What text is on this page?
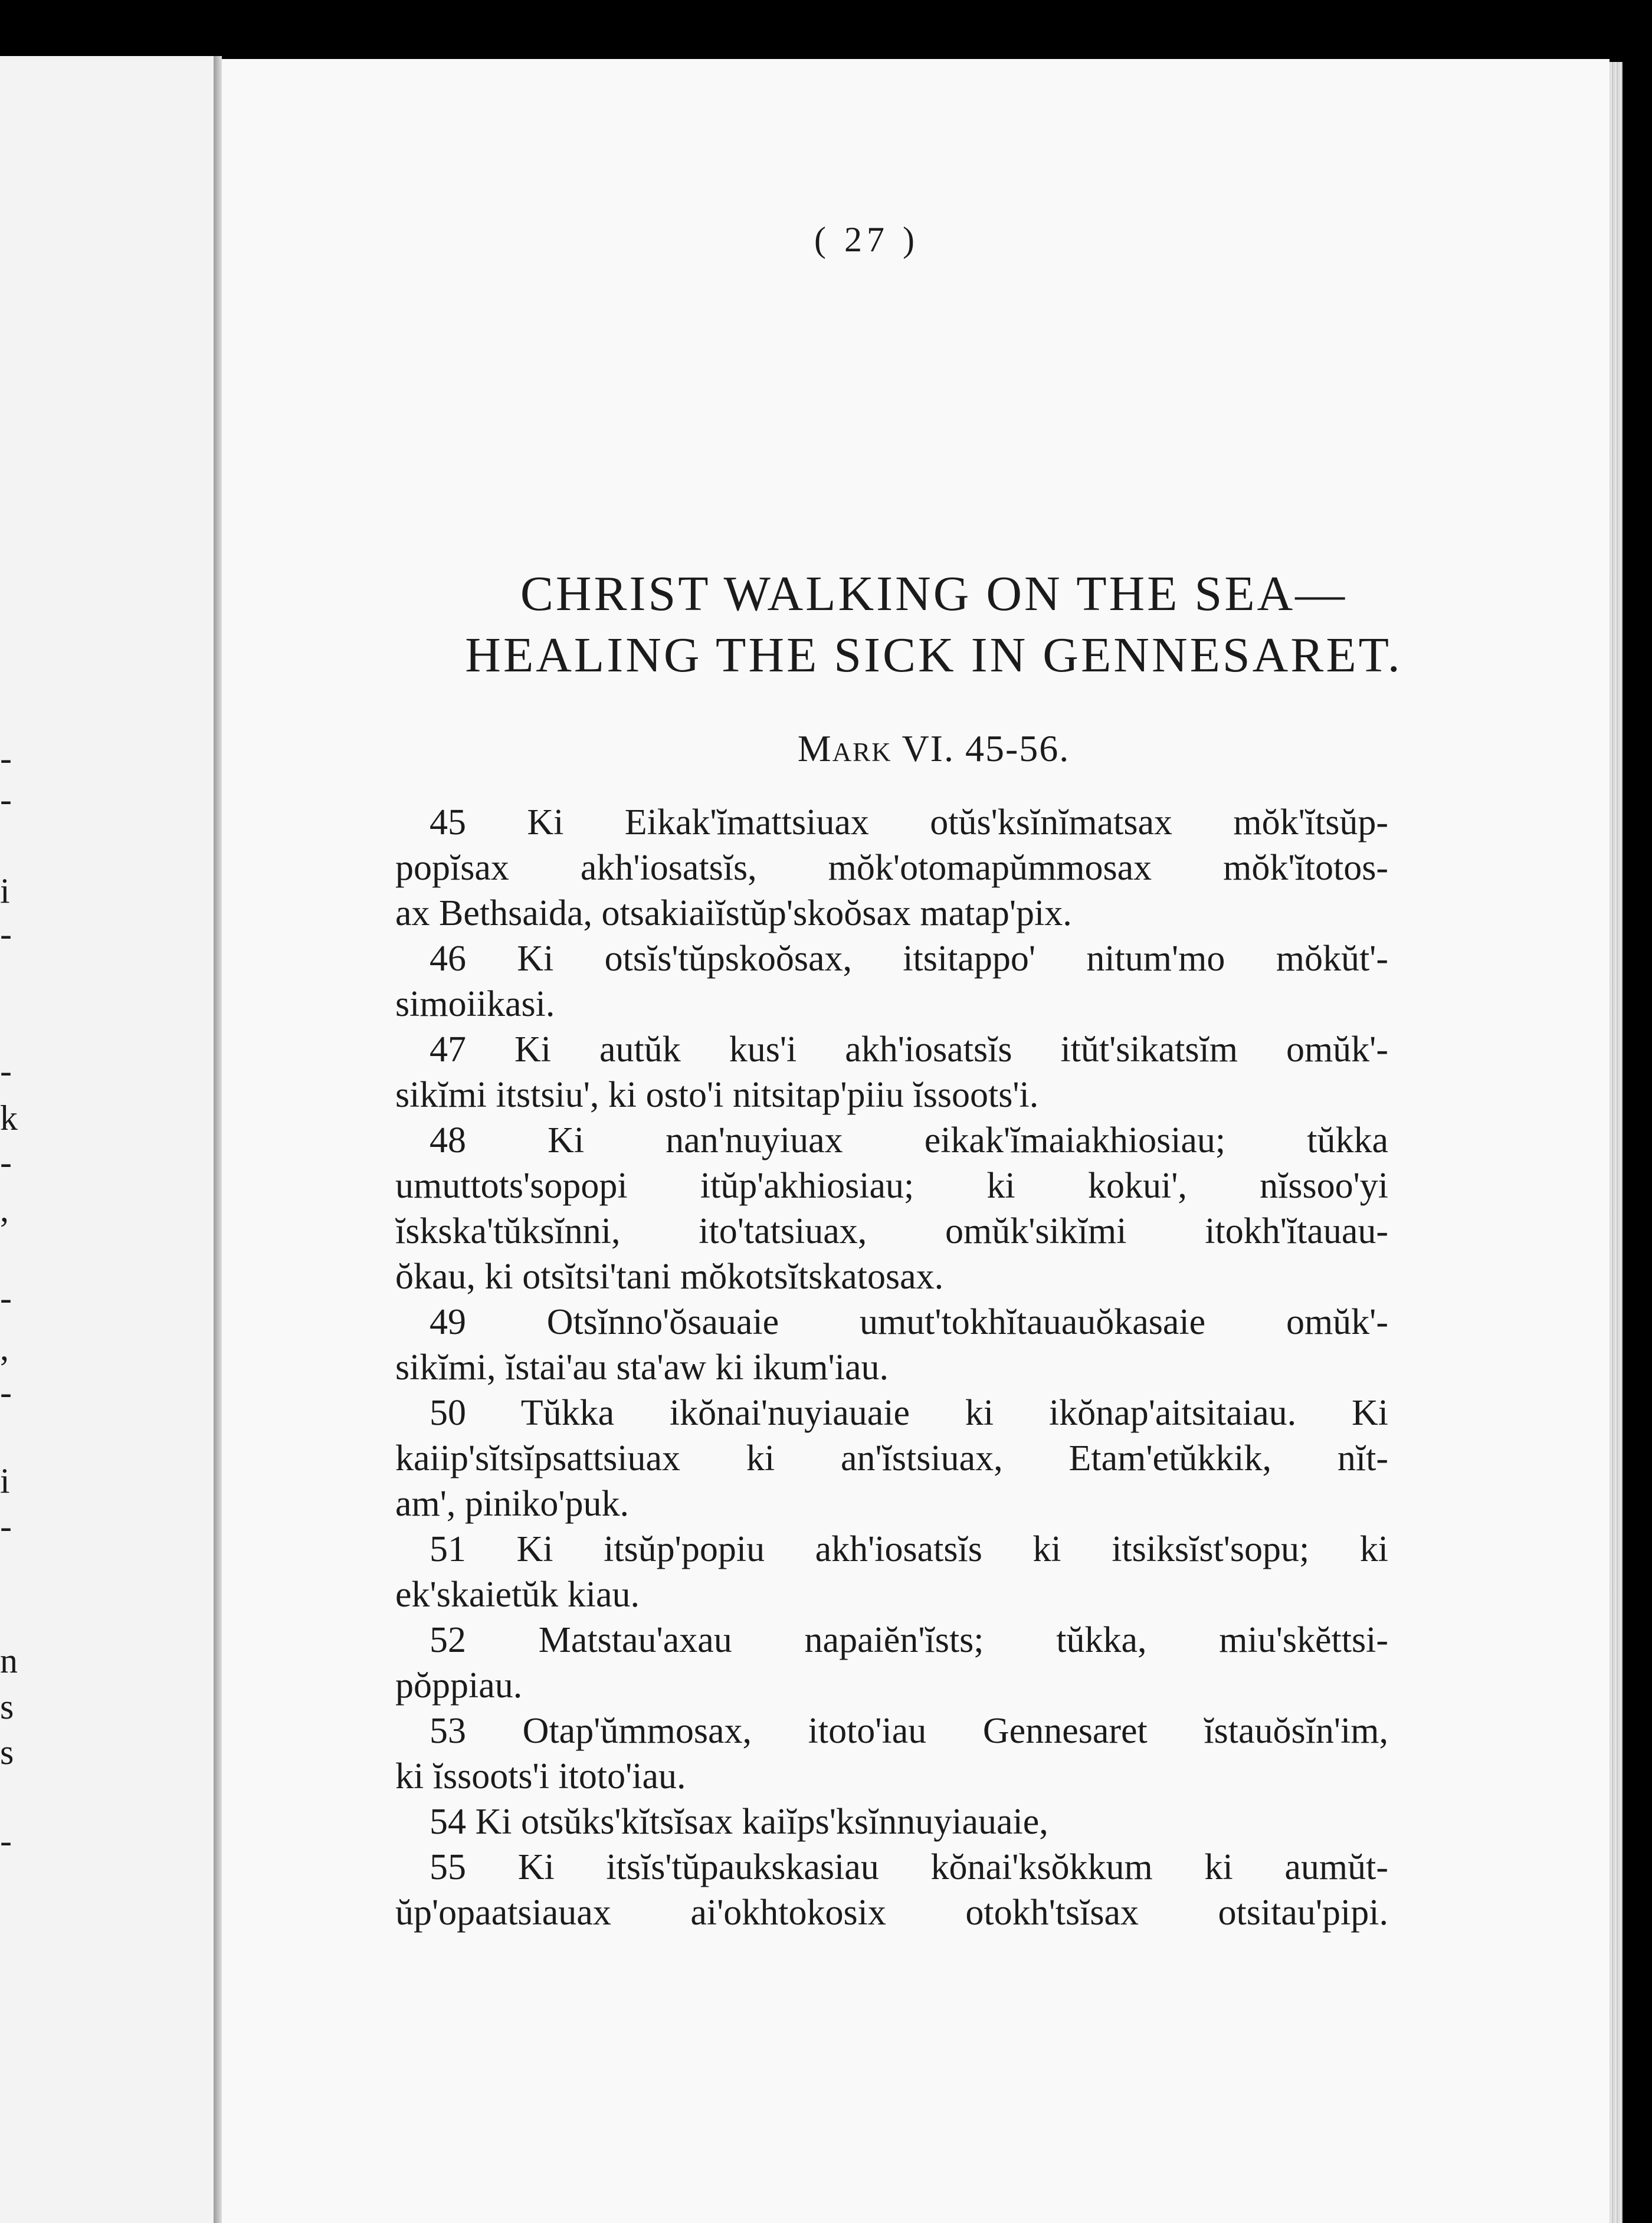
-
-
i
-
-
k
-
,
-
,
-
i
-
n
s
s
-
( 27 )
CHRIST WALKING ON THE SEA—
HEALING THE SICK IN GENNESARET.
Mark VI. 45-56.
45 Ki Eikak'ĭmattsiuax otŭs'ksĭnĭmatsax mŏk'ĭtsŭp-
popĭsax akh'iosatsĭs, mŏk'otomapŭmmosax mŏk'ĭtotos-
ax Bethsaida, otsakiaiĭstŭp'skoŏsax matap'pix.
46 Ki otsĭs'tŭpskoŏsax, itsitappo' nitum'mo mŏkŭt'-
simoiikasi.
47 Ki autŭk kus'i akh'iosatsĭs itŭt'sikatsĭm omŭk'-
sikĭmi itstsiu', ki osto'i nitsitap'piiu ĭssoots'i.
48 Ki nan'nuyiuax eikak'ĭmaiakhiosiau; tŭkka
umuttots'sopopi itŭp'akhiosiau; ki kokui', nĭssoo'yi
ĭskska'tŭksĭnni, ito'tatsiuax, omŭk'sikĭmi itokh'ĭtauau-
ŏkau, ki otsĭtsi'tani mŏkotsĭtskatosax.
49 Otsĭnno'ŏsauaie umut'tokhĭtauauŏkasaie omŭk'-
sikĭmi, ĭstai'au sta'aw ki ikum'iau.
50 Tŭkka ikŏnai'nuyiauaie ki ikŏnap'aitsitaiau. Ki
kaiip'sĭtsĭpsattsiuax ki an'ĭstsiuax, Etam'etŭkkik, nĭt-
am', piniko'puk.
51 Ki itsŭp'popiu akh'iosatsĭs ki itsiksĭst'sopu; ki
ek'skaietŭk kiau.
52 Matstau'axau napaiĕn'ĭsts; tŭkka, miu'skĕttsi-
pŏppiau.
53 Otap'ŭmmosax, itoto'iau Gennesaret ĭstauŏsĭn'im,
ki ĭssoots'i itoto'iau.
54 Ki otsŭks'kĭtsĭsax kaiĭps'ksĭnnuyiauaie,
55 Ki itsĭs'tŭpaukskasiau kŏnai'ksŏkkum ki aumŭt-
ŭp'opaatsiauax ai'okhtokosix otokh'tsĭsax otsitau'pipi.
